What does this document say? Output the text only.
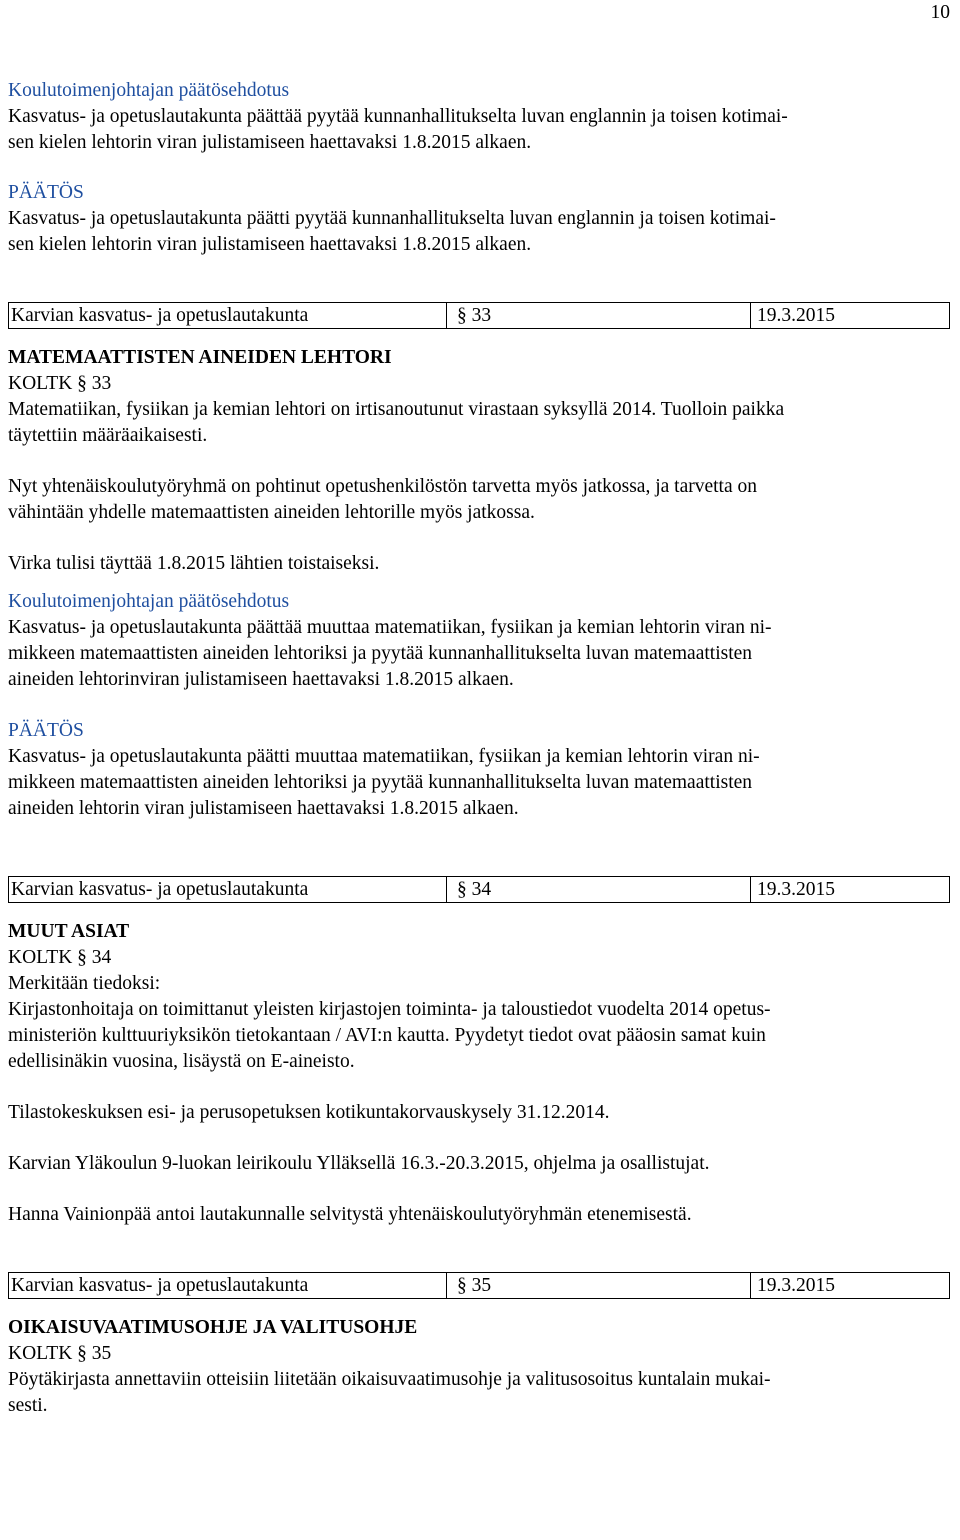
10

Koulutoimenjohtajan päätösehdotus

Kasvatus- ja opetuslautakunta päättää pyytää kunnanhallitukselta luvan englannin ja toisen kotimai-

sen kielen lehtorin viran julistamiseen haettavaksi 1.8.2015 alkaen.

PÄÄTÖS

Kasvatus- ja opetuslautakunta päätti pyytää kunnanhallitukselta luvan englannin ja toisen kotimai-

sen kielen lehtorin viran julistamiseen haettavaksi 1.8.2015 alkaen.

Karvian kasvatus- ja opetuslautakunta	§ 33	19.3.2015

MATEMAATTISTEN AINEIDEN LEHTORI

KOLTK § 33

Matematiikan, fysiikan ja kemian lehtori on irtisanoutunut virastaan syksyllä 2014. Tuolloin paikka

täytettiin määräaikaisesti.

Nyt yhtenäiskoulutyöryhmä on pohtinut opetushenkilöstön tarvetta myös jatkossa, ja tarvetta on

vähintään yhdelle matemaattisten aineiden lehtorille myös jatkossa.

Virka tulisi täyttää 1.8.2015 lähtien toistaiseksi.

Koulutoimenjohtajan päätösehdotus

Kasvatus- ja opetuslautakunta päättää muuttaa matematiikan, fysiikan ja kemian lehtorin viran ni-

mikkeen matemaattisten aineiden lehtoriksi ja pyytää kunnanhallitukselta luvan matemaattisten

aineiden lehtorinviran julistamiseen haettavaksi 1.8.2015 alkaen.

PÄÄTÖS

Kasvatus- ja opetuslautakunta päätti muuttaa matematiikan, fysiikan ja kemian lehtorin viran ni-

mikkeen matemaattisten aineiden lehtoriksi ja pyytää kunnanhallitukselta luvan matemaattisten

aineiden lehtorin viran julistamiseen haettavaksi 1.8.2015 alkaen.

Karvian kasvatus- ja opetuslautakunta	§ 34	19.3.2015

MUUT ASIAT

KOLTK § 34

Merkitään tiedoksi:

Kirjastonhoitaja on toimittanut yleisten kirjastojen toiminta- ja taloustiedot vuodelta 2014 opetus-

ministeriön kulttuuriyksikön tietokantaan / AVI:n kautta. Pyydetyt tiedot ovat pääosin samat kuin

edellisinäkin vuosina, lisäystä on E-aineisto.

Tilastokeskuksen esi- ja perusopetuksen kotikuntakorvauskysely 31.12.2014.

Karvian Yläkoulun 9-luokan leirikoulu Ylläksellä 16.3.-20.3.2015, ohjelma ja osallistujat.

Hanna Vainionpää antoi lautakunnalle selvitystä yhtenäiskoulutyöryhmän etenemisestä.

Karvian kasvatus- ja opetuslautakunta	§ 35	19.3.2015

OIKAISUVAATIMUSOHJE JA VALITUSOHJE

KOLTK § 35

Pöytäkirjasta annettaviin otteisiin liitetään oikaisuvaatimusohje ja valitusosoitus kuntalain mukai-

sesti.
